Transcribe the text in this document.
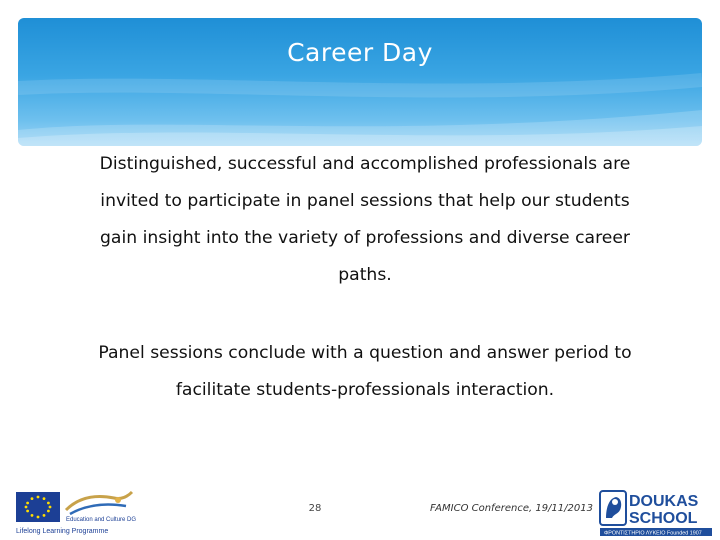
Career Day
Distinguished, successful and accomplished professionals are
invited to participate in panel sessions that help our students
gain insight into the variety of professions and diverse career
paths.
Panel sessions conclude with a question and answer period to
facilitate students-professionals interaction.
Education and Culture DG
Lifelong Learning Programme
28	FAMICO Conference, 19/11/2013	DOUKAS
SCHOOL
ΦΡΟΝΤΙΣΤΗΡΙΟ ΛΥΚΕΙΟ Founded 1907
